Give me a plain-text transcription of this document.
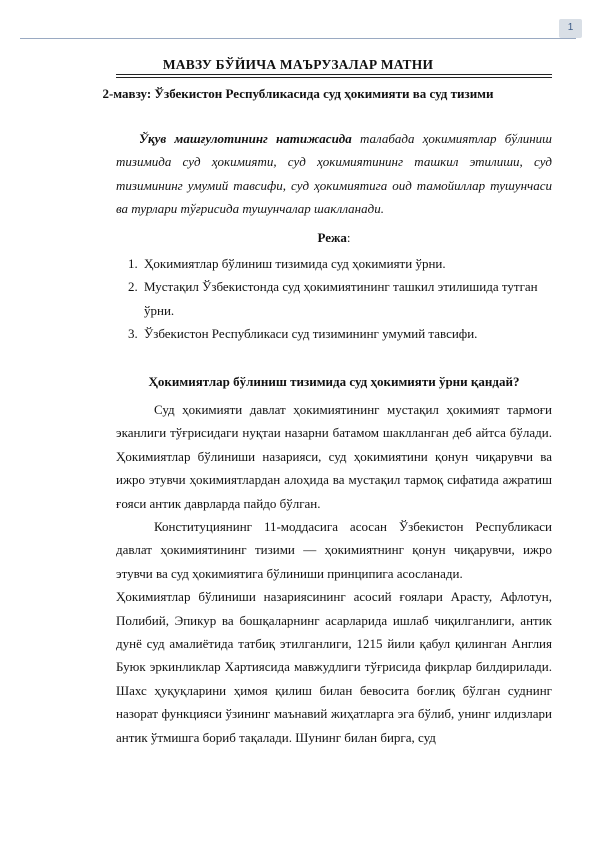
1
МАВЗУ БЎЙИЧА МАЪРУЗАЛАР МАТНИ
2-мавзу: Ўзбекистон Республикасида суд ҳокимияти ва суд тизими
Ўқув машғулотининг натижасида талабада ҳокимиятлар бўлиниш тизимида суд ҳокимияти, суд ҳокимиятининг ташкил этилиши, суд тизимининг умумий тавсифи, суд ҳокимиятига оид тамойиллар тушунчаси ва турлари тўғрисида тушунчалар шаклланади.
Режа:
1. Ҳокимиятлар бўлиниш тизимида суд ҳокимияти ўрни.
2. Мустақил Ўзбекистонда суд ҳокимиятининг ташкил этилишида тутган ўрни.
3. Ўзбекистон Республикаси суд тизимининг умумий тавсифи.
Ҳокимиятлар бўлиниш тизимида суд ҳокимияти ўрни қандай?

Суд ҳокимияти давлат ҳокимиятининг мустақил ҳокимият тармоғи эканлиги тўғрисидаги нуқтаи назарни батамом шаклланган деб айтса бўлади. Ҳокимиятлар бўлиниши назарияси, суд ҳокимиятини қонун чиқарувчи ва ижро этувчи ҳокимиятлардан алоҳида ва мустақил тармоқ сифатида ажратиш ғояси антик даврларда пайдо бўлган.

Конституциянинг 11-моддасига асосан Ўзбекистон Республикаси давлат ҳокимиятининг тизими — ҳокимиятнинг қонун чиқарувчи, ижро этувчи ва суд ҳокимиятига бўлиниши принципига асосланади.

Ҳокимиятлар бўлиниши назариясининг асосий ғоялари Арасту, Афлотун, Полибий, Эпикур ва бошқаларнинг асарларида ишлаб чиқилганлиги, антик дунё суд амалиётида татбиқ этилганлиги, 1215 йили қабул қилинган Англия Буюк эркинликлар Хартиясида мавжудлиги тўғрисида фикрлар билдирилади. Шахс ҳуқуқларини ҳимоя қилиш билан бевосита боғлиқ бўлган суднинг назорат функцияси ўзининг маънавий жиҳатларга эга бўлиб, унинг илдизлари антик ўтмишга бориб тақалади. Шунинг билан бирга, суд
